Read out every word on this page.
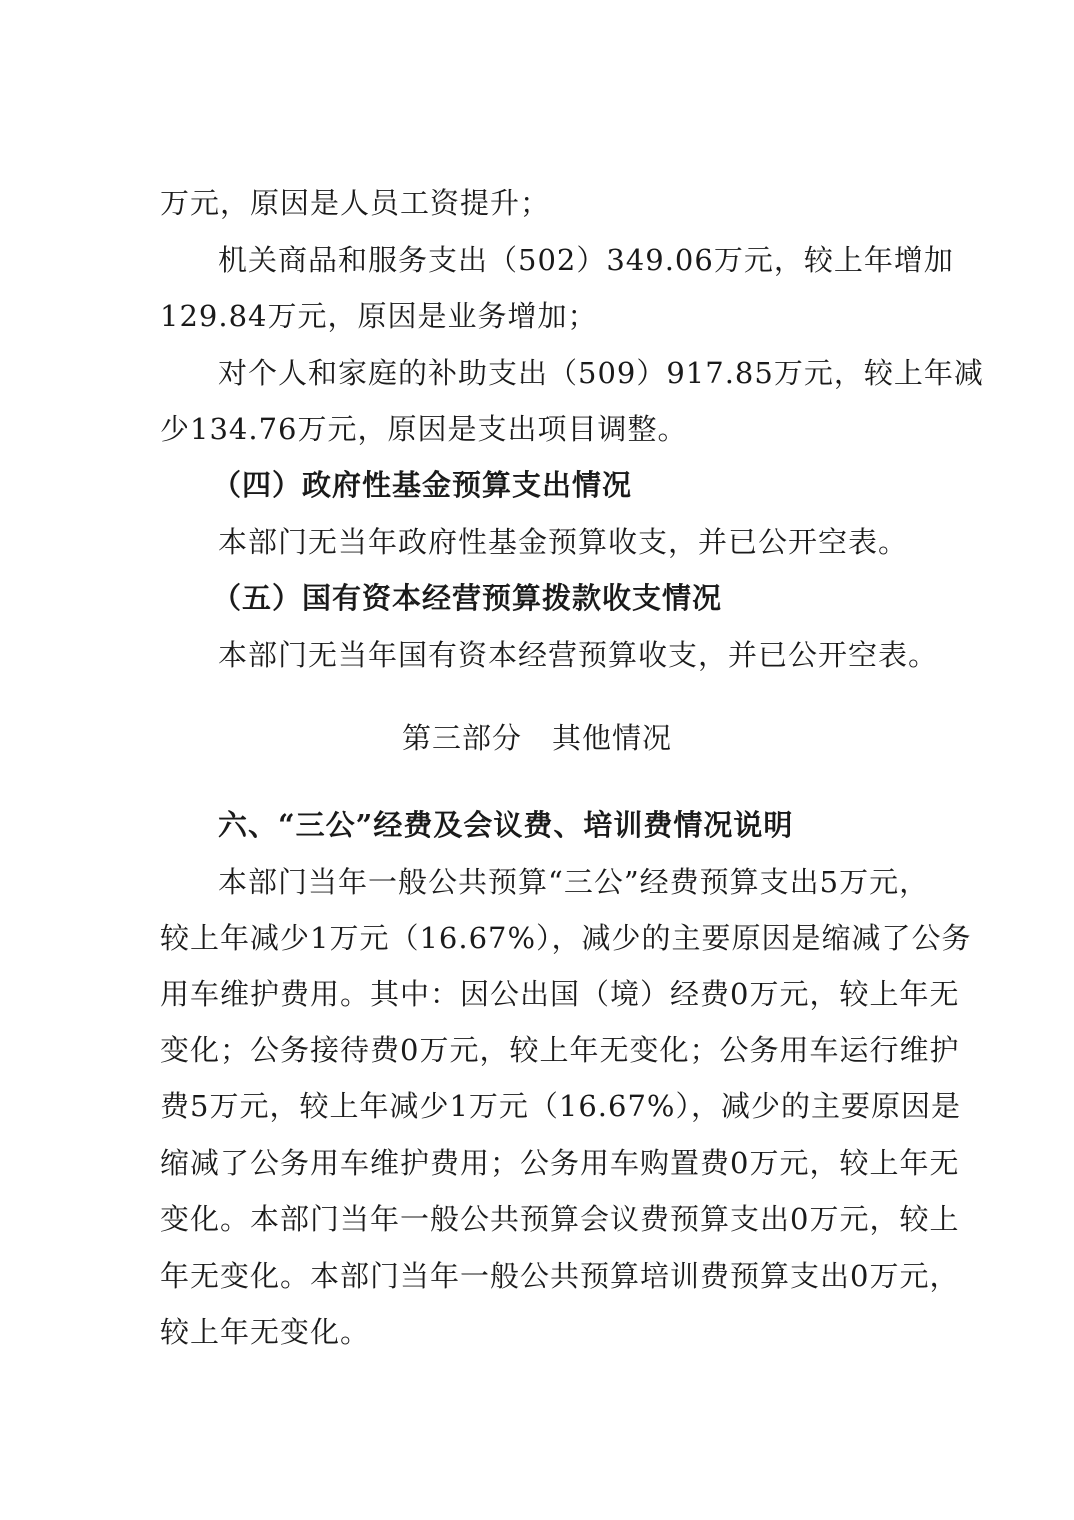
万元，原因是人员工资提升；
机关商品和服务支出（502）349.06万元，较上年增加
129.84万元，原因是业务增加；
对个人和家庭的补助支出（509）917.85万元，较上年减
少134.76万元，原因是支出项目调整。
（四）政府性基金预算支出情况
本部门无当年政府性基金预算收支，并已公开空表。
（五）国有资本经营预算拨款收支情况
本部门无当年国有资本经营预算收支，并已公开空表。
第三部分　其他情况
六、“三公”经费及会议费、培训费情况说明
本部门当年一般公共预算“三公”经费预算支出5万元，
较上年减少1万元（16.67%），减少的主要原因是缩减了公务
用车维护费用。其中：因公出国（境）经费0万元，较上年无
变化；公务接待费0万元，较上年无变化；公务用车运行维护
费5万元，较上年减少1万元（16.67%），减少的主要原因是
缩减了公务用车维护费用；公务用车购置费0万元，较上年无
变化。本部门当年一般公共预算会议费预算支出0万元，较上
年无变化。本部门当年一般公共预算培训费预算支出0万元，
较上年无变化。
